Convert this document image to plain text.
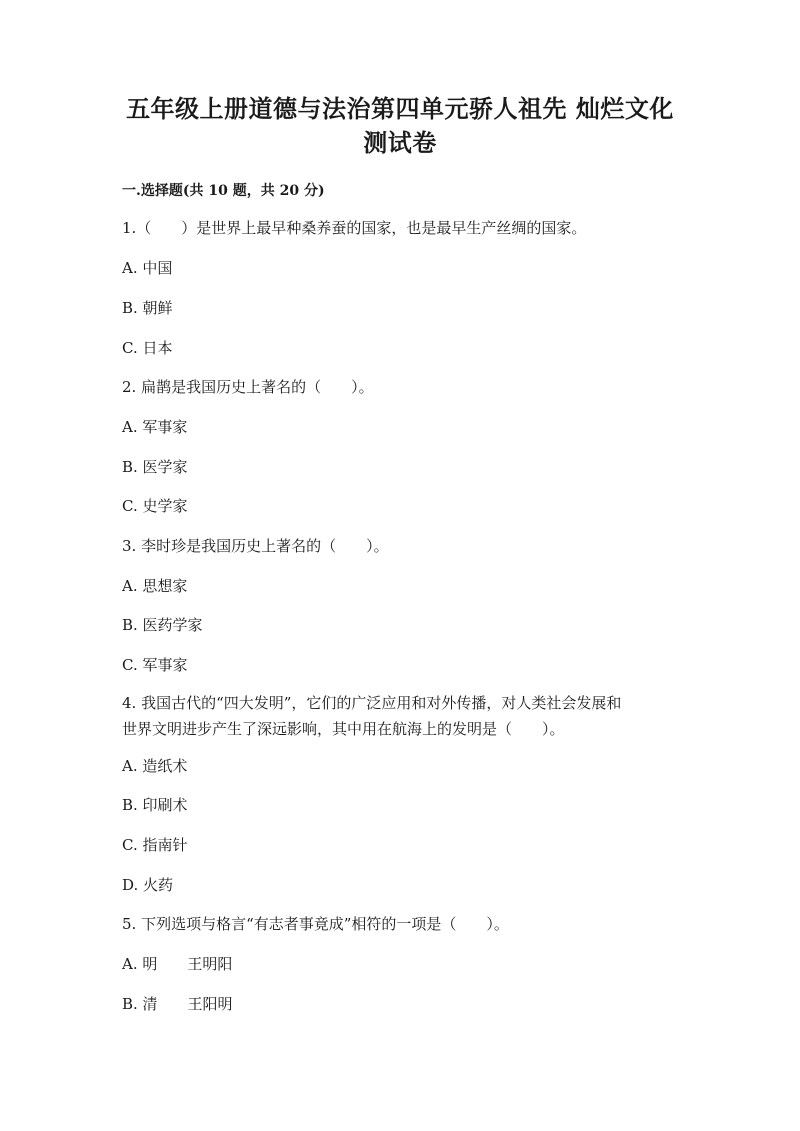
五年级上册道德与法治第四单元骄人祖先 灿烂文化
测试卷
一.选择题(共 10 题，共 20 分)
1.（　　）是世界上最早种桑养蚕的国家，也是最早生产丝绸的国家。
A. 中国
B. 朝鲜
C. 日本
2. 扁鹊是我国历史上著名的（　　）。
A. 军事家
B. 医学家
C. 史学家
3. 李时珍是我国历史上著名的（　　）。
A. 思想家
B. 医药学家
C. 军事家
4. 我国古代的“四大发明”，它们的广泛应用和对外传播，对人类社会发展和
世界文明进步产生了深远影响，其中用在航海上的发明是（　　）。
A. 造纸术
B. 印刷术
C. 指南针
D. 火药
5. 下列选项与格言“有志者事竟成”相符的一项是（　　）。
A. 明　　王明阳
B. 清　　王阳明
